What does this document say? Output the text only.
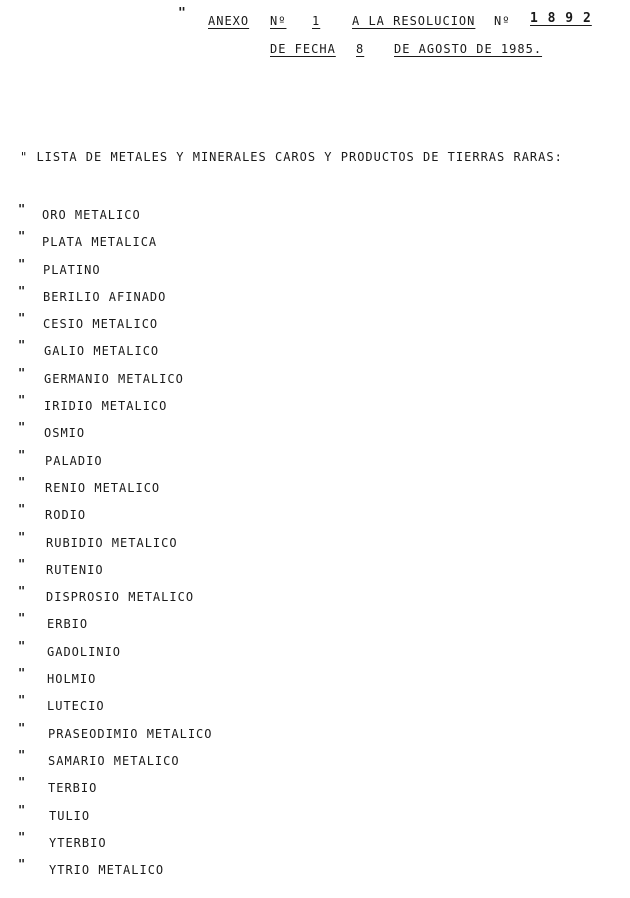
" ANEXO Nº 1	A LA RESOLUCION Nº 1 8 9 2
DE FECHA 8 DE AGOSTO DE 1985.
" LISTA DE METALES Y MINERALES CAROS Y PRODUCTOS DE TIERRAS RARAS:
" ORO METALICO
" PLATA METALICA
" PLATINO
" BERILIO AFINADO
" CESIO METALICO
" GALIO METALICO
" GERMANIO METALICO
" IRIDIO METALICO
" OSMIO
" PALADIO
" RENIO METALICO
" RODIO
" RUBIDIO METALICO
" RUTENIO
" DISPROSIO METALICO
" ERBIO
" GADOLINIO
" HOLMIO
" LUTECIO
" PRASEODIMIO METALICO
" SAMARIO METALICO
" TERBIO
" TULIO
" YTERBIO
" YTRIO METALICO
